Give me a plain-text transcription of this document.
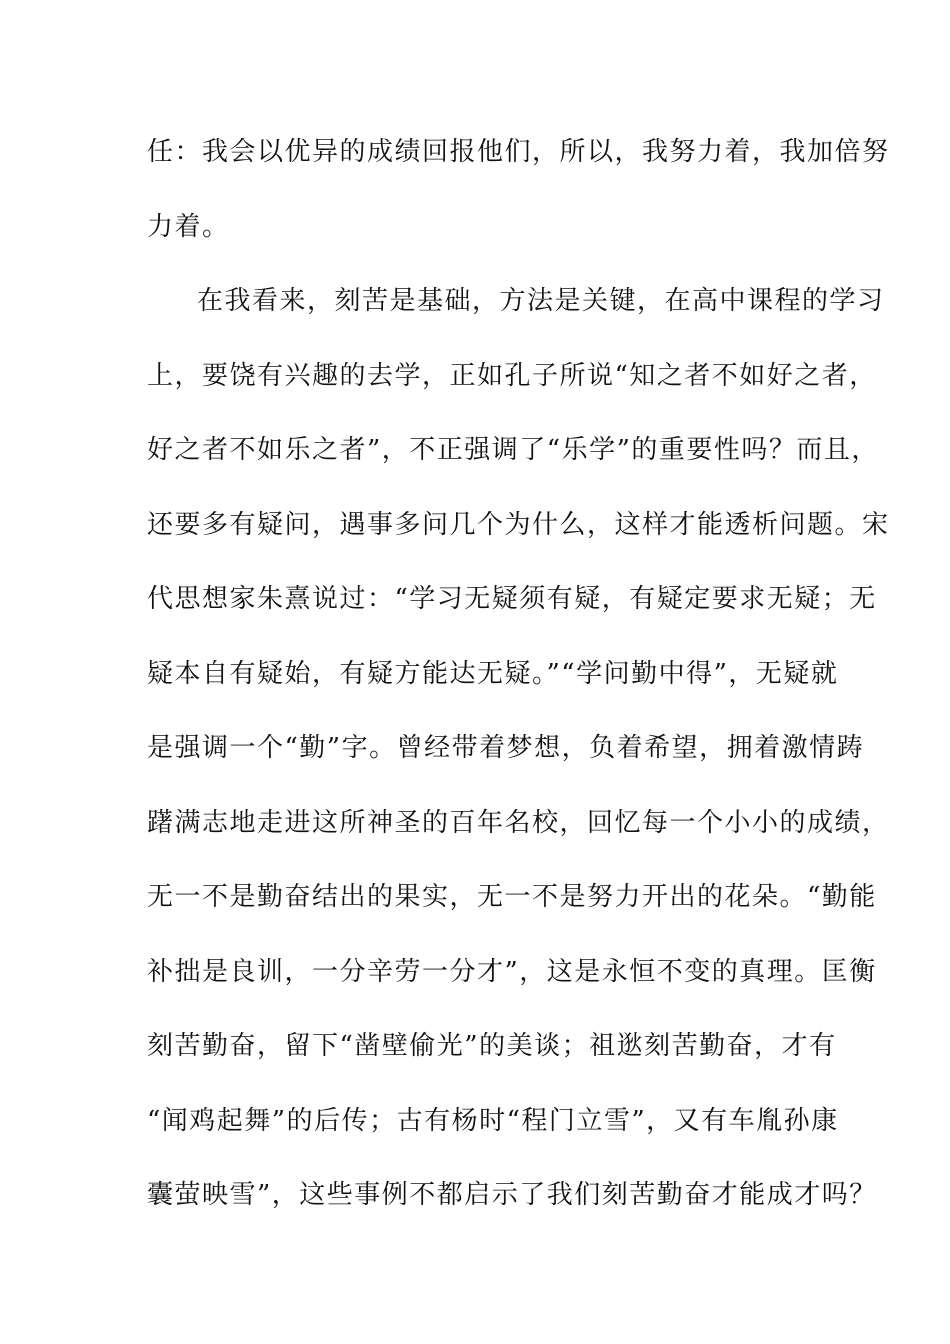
任：我会以优异的成绩回报他们，所以，我努力着，我加倍努
力着。
在我看来，刻苦是基础，方法是关键，在高中课程的学习
上，要饶有兴趣的去学，正如孔子所说“知之者不如好之者，
好之者不如乐之者”，不正强调了“乐学”的重要性吗？而且，
还要多有疑问，遇事多问几个为什么，这样才能透析问题。宋
代思想家朱熹说过：“学习无疑须有疑，有疑定要求无疑；无
疑本自有疑始，有疑方能达无疑。”“学问勤中得”，无疑就
是强调一个“勤”字。曾经带着梦想，负着希望，拥着激情踌
躇满志地走进这所神圣的百年名校，回忆每一个小小的成绩，
无一不是勤奋结出的果实，无一不是努力开出的花朵。“勤能
补拙是良训，一分辛劳一分才”，这是永恒不变的真理。匡衡
刻苦勤奋，留下“凿壁偷光”的美谈；祖逖刻苦勤奋，才有
“闻鸡起舞”的后传；古有杨时“程门立雪”，又有车胤孙康
囊萤映雪”，这些事例不都启示了我们刻苦勤奋才能成才吗？
